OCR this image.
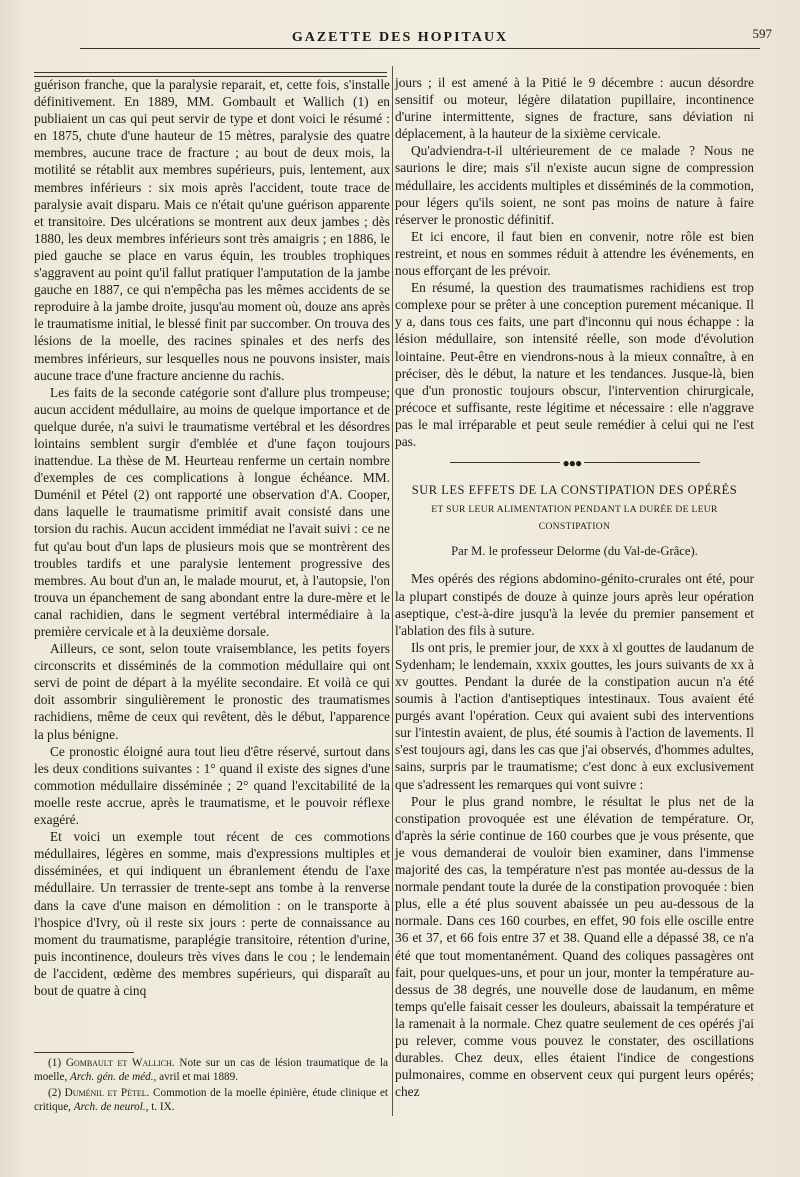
GAZETTE DES HOPITAUX	597

guérison franche, que la paralysie reparait, et, cette fois, s'installe définitivement. En 1889, MM. Gombault et Wallich (1) en publiaient un cas qui peut servir de type et dont voici le résumé : en 1875, chute d'une hauteur de 15 mètres, paralysie des quatre membres, aucune trace de fracture ; au bout de deux mois, la motilité se rétablit aux membres supérieurs, puis, lentement, aux membres inférieurs : six mois après l'accident, toute trace de paralysie avait disparu. Mais ce n'était qu'une guérison apparente et transitoire. Des ulcérations se montrent aux deux jambes ; dès 1880, les deux membres inférieurs sont très amaigris ; en 1886, le pied gauche se place en varus équin, les troubles trophiques s'aggravent au point qu'il fallut pratiquer l'amputation de la jambe gauche en 1887, ce qui n'empêcha pas les mêmes accidents de se reproduire à la jambe droite, jusqu'au moment où, douze ans après le traumatisme initial, le blessé finit par succomber. On trouva des lésions de la moelle, des racines spinales et des nerfs des membres inférieurs, sur lesquelles nous ne pouvons insister, mais aucune trace d'une fracture ancienne du rachis.

Les faits de la seconde catégorie sont d'allure plus trompeuse; aucun accident médullaire, au moins de quelque importance et de quelque durée, n'a suivi le traumatisme vertébral et les désordres lointains semblent surgir d'emblée et d'une façon toujours inattendue. La thèse de M. Heurteau renferme un certain nombre d'exemples de ces complications à longue échéance. MM. Duménil et Pétel (2) ont rapporté une observation d'A. Cooper, dans laquelle le traumatisme primitif avait consisté dans une torsion du rachis. Aucun accident immédiat ne l'avait suivi : ce ne fut qu'au bout d'un laps de plusieurs mois que se montrèrent des troubles tardifs et une paralysie lentement progressive des membres. Au bout d'un an, le malade mourut, et, à l'autopsie, l'on trouva un épanchement de sang abondant entre la dure-mère et le canal rachidien, dans le segment vertébral intermédiaire à la première cervicale et à la deuxième dorsale.

Ailleurs, ce sont, selon toute vraisemblance, les petits foyers circonscrits et disséminés de la commotion médullaire qui ont servi de point de départ à la myélite secondaire. Et voilà ce qui doit assombrir singulièrement le pronostic des traumatismes rachidiens, même de ceux qui revêtent, dès le début, l'apparence la plus bénigne.

Ce pronostic éloigné aura tout lieu d'être réservé, surtout dans les deux conditions suivantes : 1° quand il existe des signes d'une commotion médullaire disséminée ; 2° quand l'excitabilité de la moelle reste accrue, après le traumatisme, et le pouvoir réflexe exagéré.

Et voici un exemple tout récent de ces commotions médullaires, légères en somme, mais d'expressions multiples et disséminées, et qui indiquent un ébranlement étendu de l'axe médullaire. Un terrassier de trente-sept ans tombe à la renverse dans la cave d'une maison en démolition : on le transporte à l'hospice d'Ivry, où il reste six jours : perte de connaissance au moment du traumatisme, paraplégie transitoire, rétention d'urine, puis incontinence, douleurs très vives dans le cou ; le lendemain de l'accident, œdème des membres supérieurs, qui disparaît au bout de quatre à cinq

(1) Gombault et Wallich. Note sur un cas de lésion traumatique de la moelle, Arch. gén. de méd., avril et mai 1889.

(2) Duménil et Pétel. Commotion de la moelle épinière, étude clinique et critique, Arch. de neurol., t. IX.

jours ; il est amené à la Pitié le 9 décembre : aucun désordre sensitif ou moteur, légère dilatation pupillaire, incontinence d'urine intermittente, signes de fracture, sans déviation ni déplacement, à la hauteur de la sixième cervicale.

Qu'adviendra-t-il ultérieurement de ce malade ? Nous ne saurions le dire; mais s'il n'existe aucun signe de compression médullaire, les accidents multiples et disséminés de la commotion, pour légers qu'ils soient, ne sont pas moins de nature à faire réserver le pronostic définitif.

Et ici encore, il faut bien en convenir, notre rôle est bien restreint, et nous en sommes réduit à attendre les événements, en nous efforçant de les prévoir.

En résumé, la question des traumatismes rachidiens est trop complexe pour se prêter à une conception purement mécanique. Il y a, dans tous ces faits, une part d'inconnu qui nous échappe : la lésion médullaire, son intensité réelle, son mode d'évolution lointaine. Peut-être en viendrons-nous à la mieux connaître, à en préciser, dès le début, la nature et les tendances. Jusque-là, bien que d'un pronostic toujours obscur, l'intervention chirurgicale, précoce et suffisante, reste légitime et nécessaire : elle n'aggrave pas le mal irréparable et peut seule remédier à celui qui ne l'est pas.

●●●
SUR LES EFFETS DE LA CONSTIPATION DES OPÉRÉS
ET SUR LEUR ALIMENTATION PENDANT LA DURÉE DE LEUR CONSTIPATION
Par M. le professeur Delorme (du Val-de-Grâce).

Mes opérés des régions abdomino-génito-crurales ont été, pour la plupart constipés de douze à quinze jours après leur opération aseptique, c'est-à-dire jusqu'à la levée du premier pansement et l'ablation des fils à suture.

Ils ont pris, le premier jour, de xxx à xl gouttes de laudanum de Sydenham; le lendemain, xxxix gouttes, les jours suivants de xx à xv gouttes. Pendant la durée de la constipation aucun n'a été soumis à l'action d'antiseptiques intestinaux. Tous avaient été purgés avant l'opération. Ceux qui avaient subi des interventions sur l'intestin avaient, de plus, été soumis à l'action de lavements. Il s'est toujours agi, dans les cas que j'ai observés, d'hommes adultes, sains, surpris par le traumatisme; c'est donc à eux exclusivement que s'adressent les remarques qui vont suivre :

Pour le plus grand nombre, le résultat le plus net de la constipation provoquée est une élévation de température. Or, d'après la série continue de 160 courbes que je vous présente, que je vous demanderai de vouloir bien examiner, dans l'immense majorité des cas, la température n'est pas montée au-dessus de la normale pendant toute la durée de la constipation provoquée : bien plus, elle a été plus souvent abaissée un peu au-dessous de la normale. Dans ces 160 courbes, en effet, 90 fois elle oscille entre 36 et 37, et 66 fois entre 37 et 38. Quand elle a dépassé 38, ce n'a été que tout momentanément. Quand des coliques passagères ont fait, pour quelques-uns, et pour un jour, monter la température au-dessus de 38 degrés, une nouvelle dose de laudanum, en même temps qu'elle faisait cesser les douleurs, abaissait la température et la ramenait à la normale. Chez quatre seulement de ces opérés j'ai pu relever, comme vous pouvez le constater, des oscillations durables. Chez deux, elles étaient l'indice de congestions pulmonaires, comme en observent ceux qui purgent leurs opérés; chez
